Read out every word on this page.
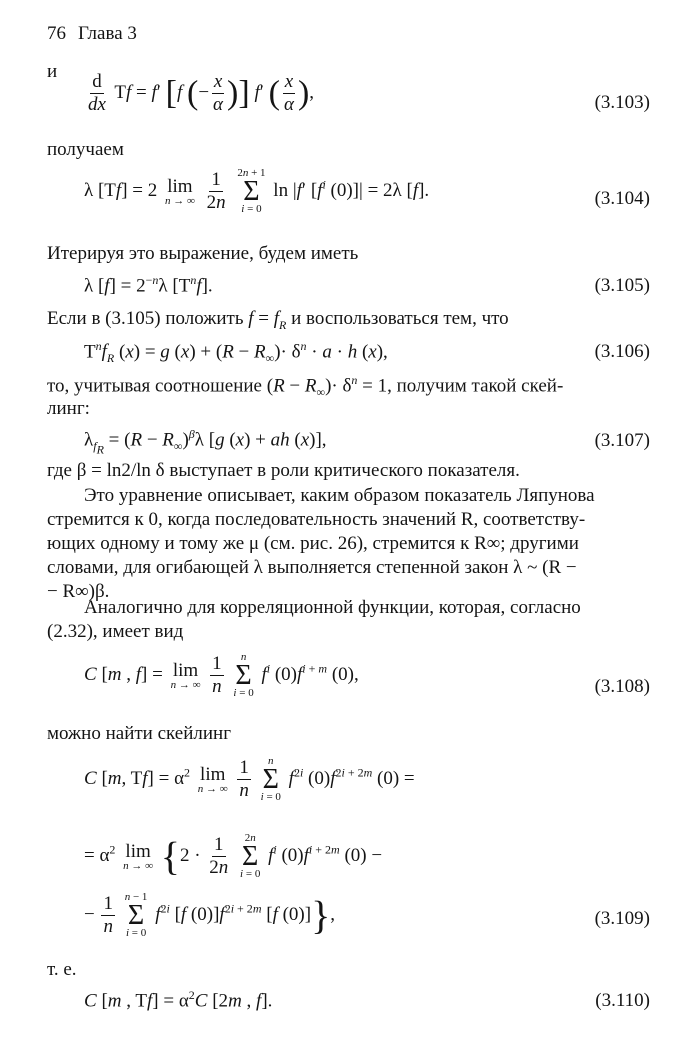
76 Глава 3
и
$\frac{d}{dx}$ Tf = f′ [f (− $\frac{x}{\alpha}$ )] f′ ( $\frac{x}{\alpha}$ ),	(3.103)
получаем
λ [Tf] = 2 lim
n → ∞
$\frac{1}{2n}$
2n + 1
Σ
i = 0
ln |f′ [$f^i$ (0)]| = 2λ [f].	(3.104)
Итерируя это выражение, будем иметь
λ $[f] = 2^{-n}\lambda$ $[T^nf]$.	(3.105)
Если в (3.105) положить $f = f_R$ и воспользоваться тем, что
$T^nf_R$ (x) = g $(x) + (R - R_\infty)\cdot \delta^n \cdot a \cdot h$ (x),	(3.106)
то, учитывая соотношение $(R - R_\infty)\cdot \delta^n = 1$, получим такой скей-
линг:
$\lambda_{f_R} = (R - R_\infty)^\beta\lambda$ [g (x) + ah (x)],	(3.107)
где β = ln2/ln δ выступает в роли критического показателя.
Это уравнение описывает, каким образом показатель Ляпунова
стремится к 0, когда последовательность значений R, соответству-
ющих одному и тому же μ (см. рис. 26), стремится к R∞; другими
словами, для огибающей λ выполняется степенной закон λ ~ (R −
− R∞)β.
Аналогично для корреляционной функции, которая, согласно
(2.32), имеет вид
C [m , f] = lim
n → ∞
$\frac{1}{n}$
n
Σ
i = 0
$f^i$ $(0)f^{i + m}$ (0),
(3.108)
можно найти скейлинг
C [m, $Tf] = \alpha^2$ lim
n → ∞
$\frac{1}{n}$
n
Σ
i = 0
$f^{2i}$ $(0)f^{2i + 2m}$ (0) =
= $\alpha^2$ lim
n → ∞ {$2 \cdot \frac{1}{2n}$
2n
Σ
i = 0
$f^i$ $(0)f^{i + 2m}$ (0) −
− $\frac{1}{n}$
n − 1
Σ
i = 0
$f^{2i}$ [f $(0)]f^{2i + 2m}$ [f (0)]},	(3.109)
т. е.
C [m , $Tf] = \alpha^2C$ [2m , f].	(3.110)
